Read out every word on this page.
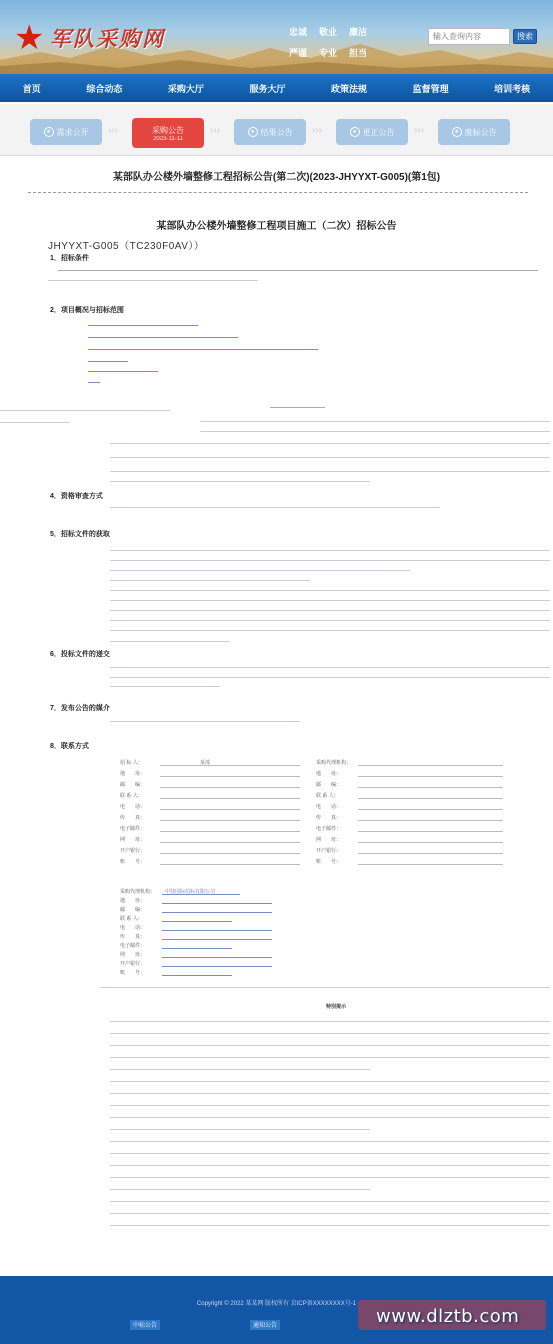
★ 军队采购网	忠诚	敬业	廉洁
严谨	专业	担当
输入查询内容
搜索
首页	综合动态	采购大厅	服务大厅	政策法规	监督管理	培训考核
● 需求公开 ›››	采购公告
2023-11-11
›››	● 结果公告 ›››	● 更正公告 ›››	● 废标公告
某部队办公楼外墙整修工程招标公告(第二次)(2023-JHYYXT-G005)(第1包)
某部队办公楼外墙整修工程项目施工（二次）招标公告
JHYYXT-G005（TC230F0AV））
1．招标条件
2．项目概况与招标范围
4．资格审查方式
5．招标文件的获取
6．投标文件的递交
7．发布公告的媒介
8．联系方式
招 标 人：	某部	采购代理机构：
地　　址：	地　　址：
邮　　编：	邮　　编：
联 系 人：	联 系 人：
电　　话：	电　　话：
传　　真：	传　　真：
电子邮件：	电子邮件：
网　　址：	网　　址：
开户银行：	开户银行：
账　　号：	账　　号：
采购代理机构： 中技国际招标有限公司
地　　址：
邮　　编：
联 系 人：
电　　话：
传　　真：
电子邮件：
网　　址：
开户银行：
账　　号：
特别提示
Copyright © 2022 某某网 版权所有 京ICP备XXXXXXXX号-1
中标公告	通知公告	www.dlztb.com
